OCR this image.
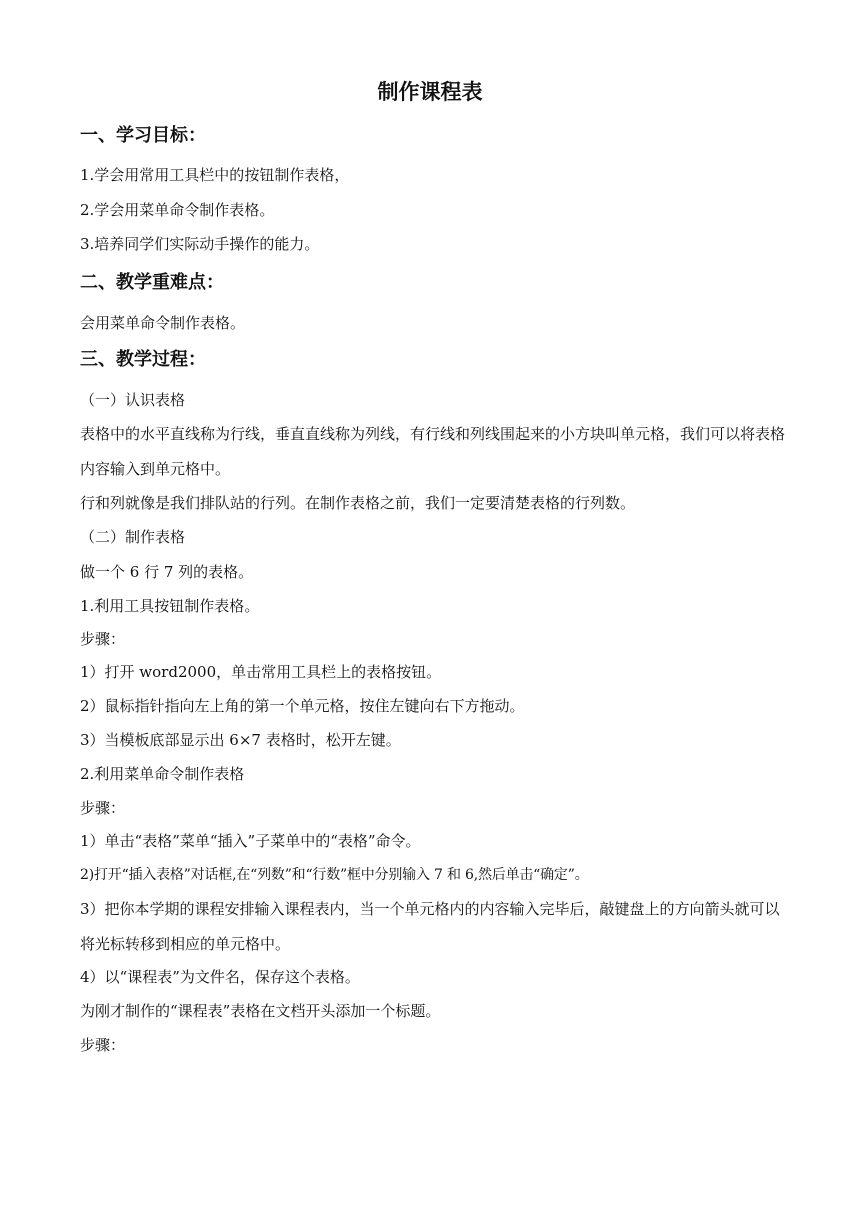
制作课程表
一、学习目标：
1.学会用常用工具栏中的按钮制作表格，
2.学会用菜单命令制作表格。
3.培养同学们实际动手操作的能力。
二、教学重难点：
会用菜单命令制作表格。
三、教学过程：
（一）认识表格
表格中的水平直线称为行线，垂直直线称为列线，有行线和列线围起来的小方块叫单元格，我们可以将表格内容输入到单元格中。
行和列就像是我们排队站的行列。在制作表格之前，我们一定要清楚表格的行列数。
（二）制作表格
做一个 6 行 7 列的表格。
1.利用工具按钮制作表格。
步骤：
1）打开 word2000，单击常用工具栏上的表格按钮。
2）鼠标指针指向左上角的第一个单元格，按住左键向右下方拖动。
3）当模板底部显示出 6×7 表格时，松开左键。
2.利用菜单命令制作表格
步骤：
1）单击“表格”菜单“插入”子菜单中的“表格”命令。
2)打开“插入表格”对话框,在“列数”和“行数”框中分别输入 7 和 6,然后单击“确定”。
3）把你本学期的课程安排输入课程表内，当一个单元格内的内容输入完毕后，敲键盘上的方向箭头就可以将光标转移到相应的单元格中。
4）以“课程表”为文件名，保存这个表格。
为刚才制作的“课程表”表格在文档开头添加一个标题。
步骤：
